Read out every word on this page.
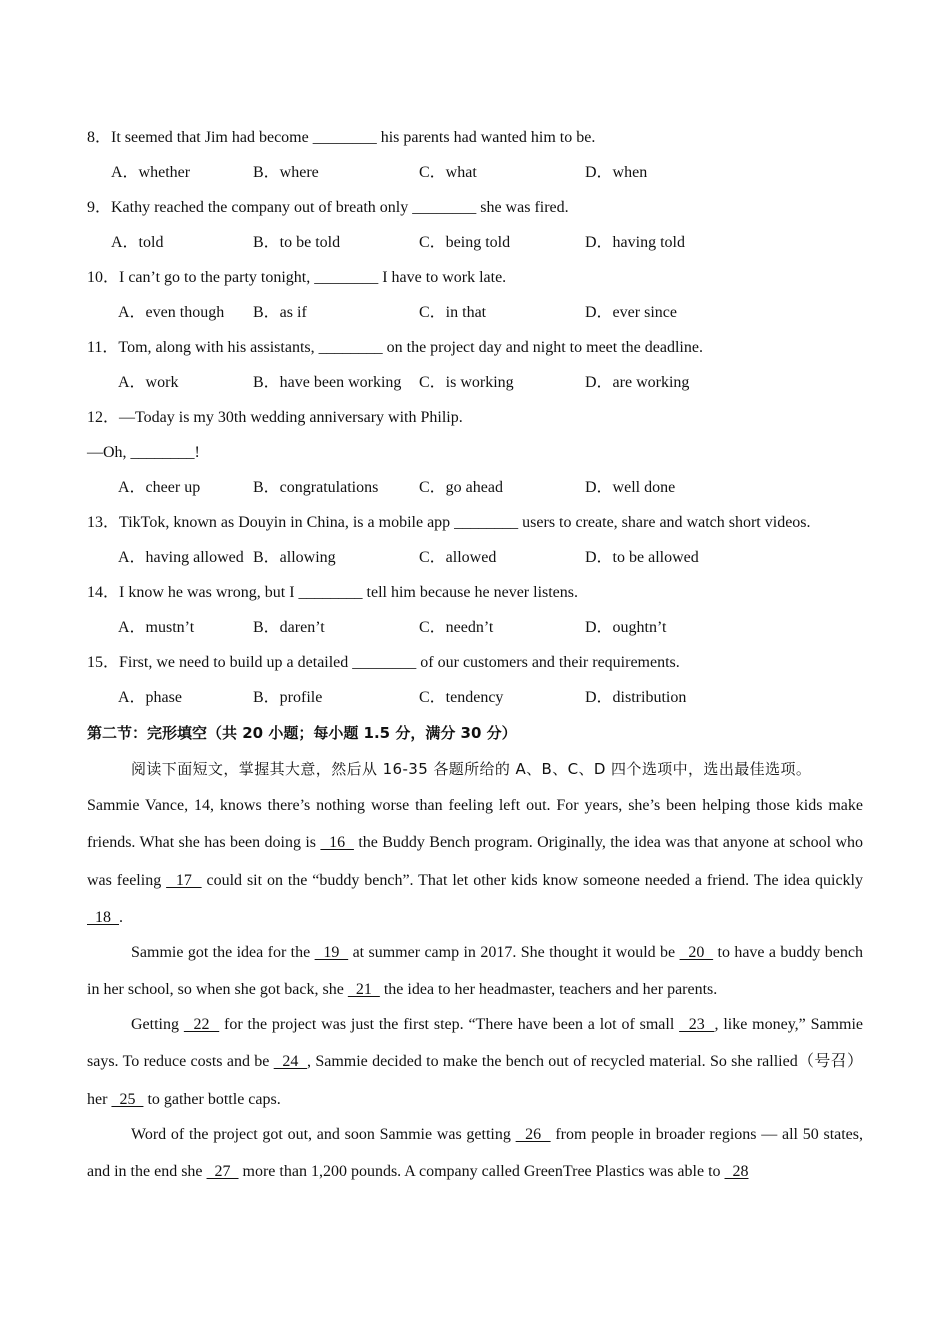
8．It seemed that Jim had become ________ his parents had wanted him to be.
A．whether	B．where	C．what	D．when
9．Kathy reached the company out of breath only ________ she was fired.
A．told	B．to be told	C．being told	D．having told
10．I can’t go to the party tonight, ________ I have to work late.
A．even though B．as if	C．in that	D．ever since
11．Tom, along with his assistants, ________ on the project day and night to meet the deadline.
A．work	B．have been working C．is working	D．are working
12．—Today is my 30th wedding anniversary with Philip.
—Oh, ________!
A．cheer up	B．congratulations	C．go ahead	D．well done
13．TikTok, known as Douyin in China, is a mobile app ________ users to create, share and watch short videos.
A．having allowed B．allowing	C．allowed	D．to be allowed
14．I know he was wrong, but I ________ tell him because he never listens.
A．mustn’t	B．daren’t	C．needn’t	D．oughtn’t
15．First, we need to build up a detailed ________ of our customers and their requirements.
A．phase	B．profile	C．tendency	D．distribution
第二节：完形填空（共 20 小题；每小题 1.5 分，满分 30 分）
阅读下面短文，掌握其大意，然后从 16-35 各题所给的 A、B、C、D 四个选项中，选出最佳选项。

Sammie Vance, 14, knows there’s nothing worse than feeling left out. For years, she’s been helping those kids make friends. What she has been doing is   16   the Buddy Bench program. Originally, the idea was that anyone at school who was feeling   17   could sit on the “buddy bench”. That let other kids know someone needed a friend. The idea quickly   18  .

Sammie got the idea for the   19   at summer camp in 2017. She thought it would be   20   to have a buddy bench in her school, so when she got back, she   21   the idea to her headmaster, teachers and her parents.

Getting   22   for the project was just the first step. “There have been a lot of small   23  , like money,” Sammie says. To reduce costs and be   24  , Sammie decided to make the bench out of recycled material. So she rallied（号召）her   25   to gather bottle caps.

Word of the project got out, and soon Sammie was getting   26   from people in broader regions — all 50 states, and in the end she   27   more than 1,200 pounds. A company called GreenTree Plastics was able to   28
